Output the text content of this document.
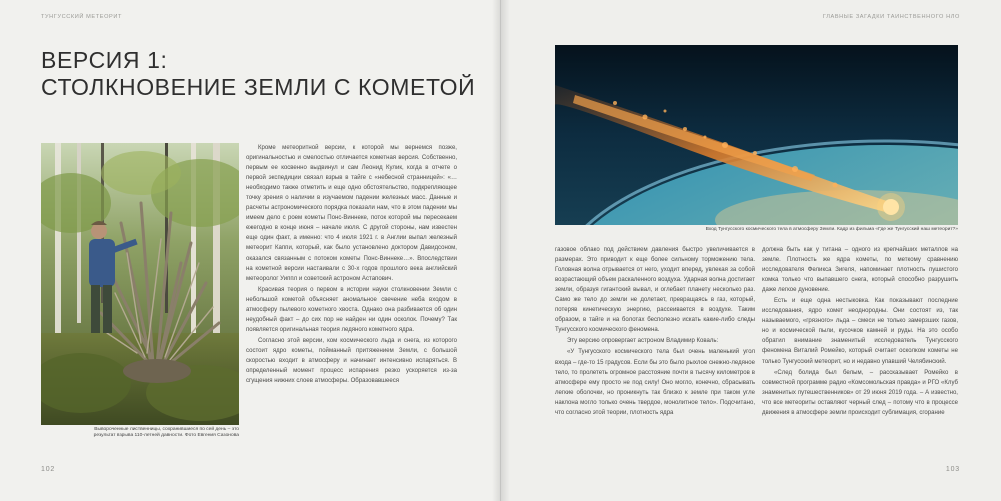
ТУНГУССКИЙ МЕТЕОРИТ
ВЕРСИЯ 1:
СТОЛКНОВЕНИЕ ЗЕМЛИ С КОМЕТОЙ
Вывороченные лиственницы, сохранившиеся по сей день – это результат взрыва 110-летней давности. Фото Евгения Сазонова

Кроме метеоритной версии, к которой мы вернемся позже, оригинальностью и смелостью отличается кометная версия. Собственно, первым ее косвенно выдвинул и сам Леонид Кулик, когда в отчете о первой экспедиции связал взрыв в тайге с «небесной странницей»: «…необходимо также отметить и еще одно обстоятельство, подкрепляющее точку зрения о наличии в изучаемом падении железных масс. Данные и расчеты астрономического порядка показали нам, что в этом падении мы имеем дело с роем кометы Понс-Виннеке, поток которой мы пересекаем ежегодно в конце июня – начале июля. С другой стороны, нам известен еще один факт, а именно: что 4 июля 1921 г. в Англии выпал железный метеорит Каппи, который, как было установлено доктором Давидсоном, оказался связанным с потоком кометы Понс-Виннеке…». Впоследствии на кометной версии настаивали с 30-х годов прошлого века английский метеоролог Уиппл и советский астроном Астапович.

Красивая теория о первом в истории науки столкновении Земли с небольшой кометой объясняет аномальное свечение неба входом в атмосферу пылевого кометного хвоста. Однако она разбивается об один неудобный факт – до сих пор не найден ни один осколок. Почему? Так появляется оригинальная теория ледяного кометного ядра.

Согласно этой версии, ком космического льда и снега, из которого состоит ядро кометы, пойманный притяжением Земли, с большой скоростью входит в атмосферу и начинает интенсивно испаряться. В определенный момент процесс испарения резко ускоряется из-за сгущения нижних слоев атмосферы. Образовавшееся

102
ГЛАВНЫЕ ЗАГАДКИ ТАИНСТВЕННОГО НЛО
103
Вход Тунгусского космического тела в атмосферу Земли. Кадр из фильма «Где же Тунгусский наш метеорит?»

газовое облако под действием давления быстро увеличивается в размерах. Это приводит к еще более сильному торможению тела. Головная волна отрывается от него, уходит вперед, увлекая за собой возрастающий объем раскаленного воздуха. Ударная волна достигает земли, образуя гигантский вывал, и оглебает планету несколько раз. Само же тело до земли не долетает, превращаясь в газ, который, потеряв кинетическую энергию, рассеивается в воздухе. Таким образом, в тайге и на болотах бесполезно искать какие-либо следы Тунгусского космического феномена.

Эту версию опровергает астроном Владимир Коваль:

«У Тунгусского космического тела был очень маленький угол входа – где-то 15 градусов. Если бы это было рыхлое снежно-ледяное тело, то пролететь огромное расстояние почти в тысячу километров в атмосфере ему просто не под силу! Оно могло, конечно, сбрасывать легкие оболочки, но проникнуть так близко к земле при таком угле наклона могло только очень твердое, монолитное тело». Подсчитано, что согласно этой теории, плотность ядра

должна быть как у титана – одного из крепчайших металлов на земле. Плотность же ядра кометы, по меткому сравнению исследователя Феликса Зигеля, напоминает плотность пушистого комка только что выпавшего снега, который способно разрушить даже легкое дуновение.

Есть и еще одна нестыковка. Как показывают последние исследования, ядро комет неоднородны. Они состоят из, так называемого, «грязного» льда – смеси не только замерзших газов, но и космической пыли, кусочков камней и руды. На это особо обратил внимание знаменитый исследователь Тунгусского феномена Виталий Ромейко, который считает осколком кометы не только Тунгусский метеорит, но и недавно упавший Челябинский.

«След болида был белым, – рассказывает Ромейко в совместной программе радио «Комсомольская правда» и РГО «Клуб знаменитых путешественников» от 29 июня 2019 года. – А известно, что все метеориты оставляют черный след – потому что в процессе движения в атмосфере земли происходит сублимация, сгорание
